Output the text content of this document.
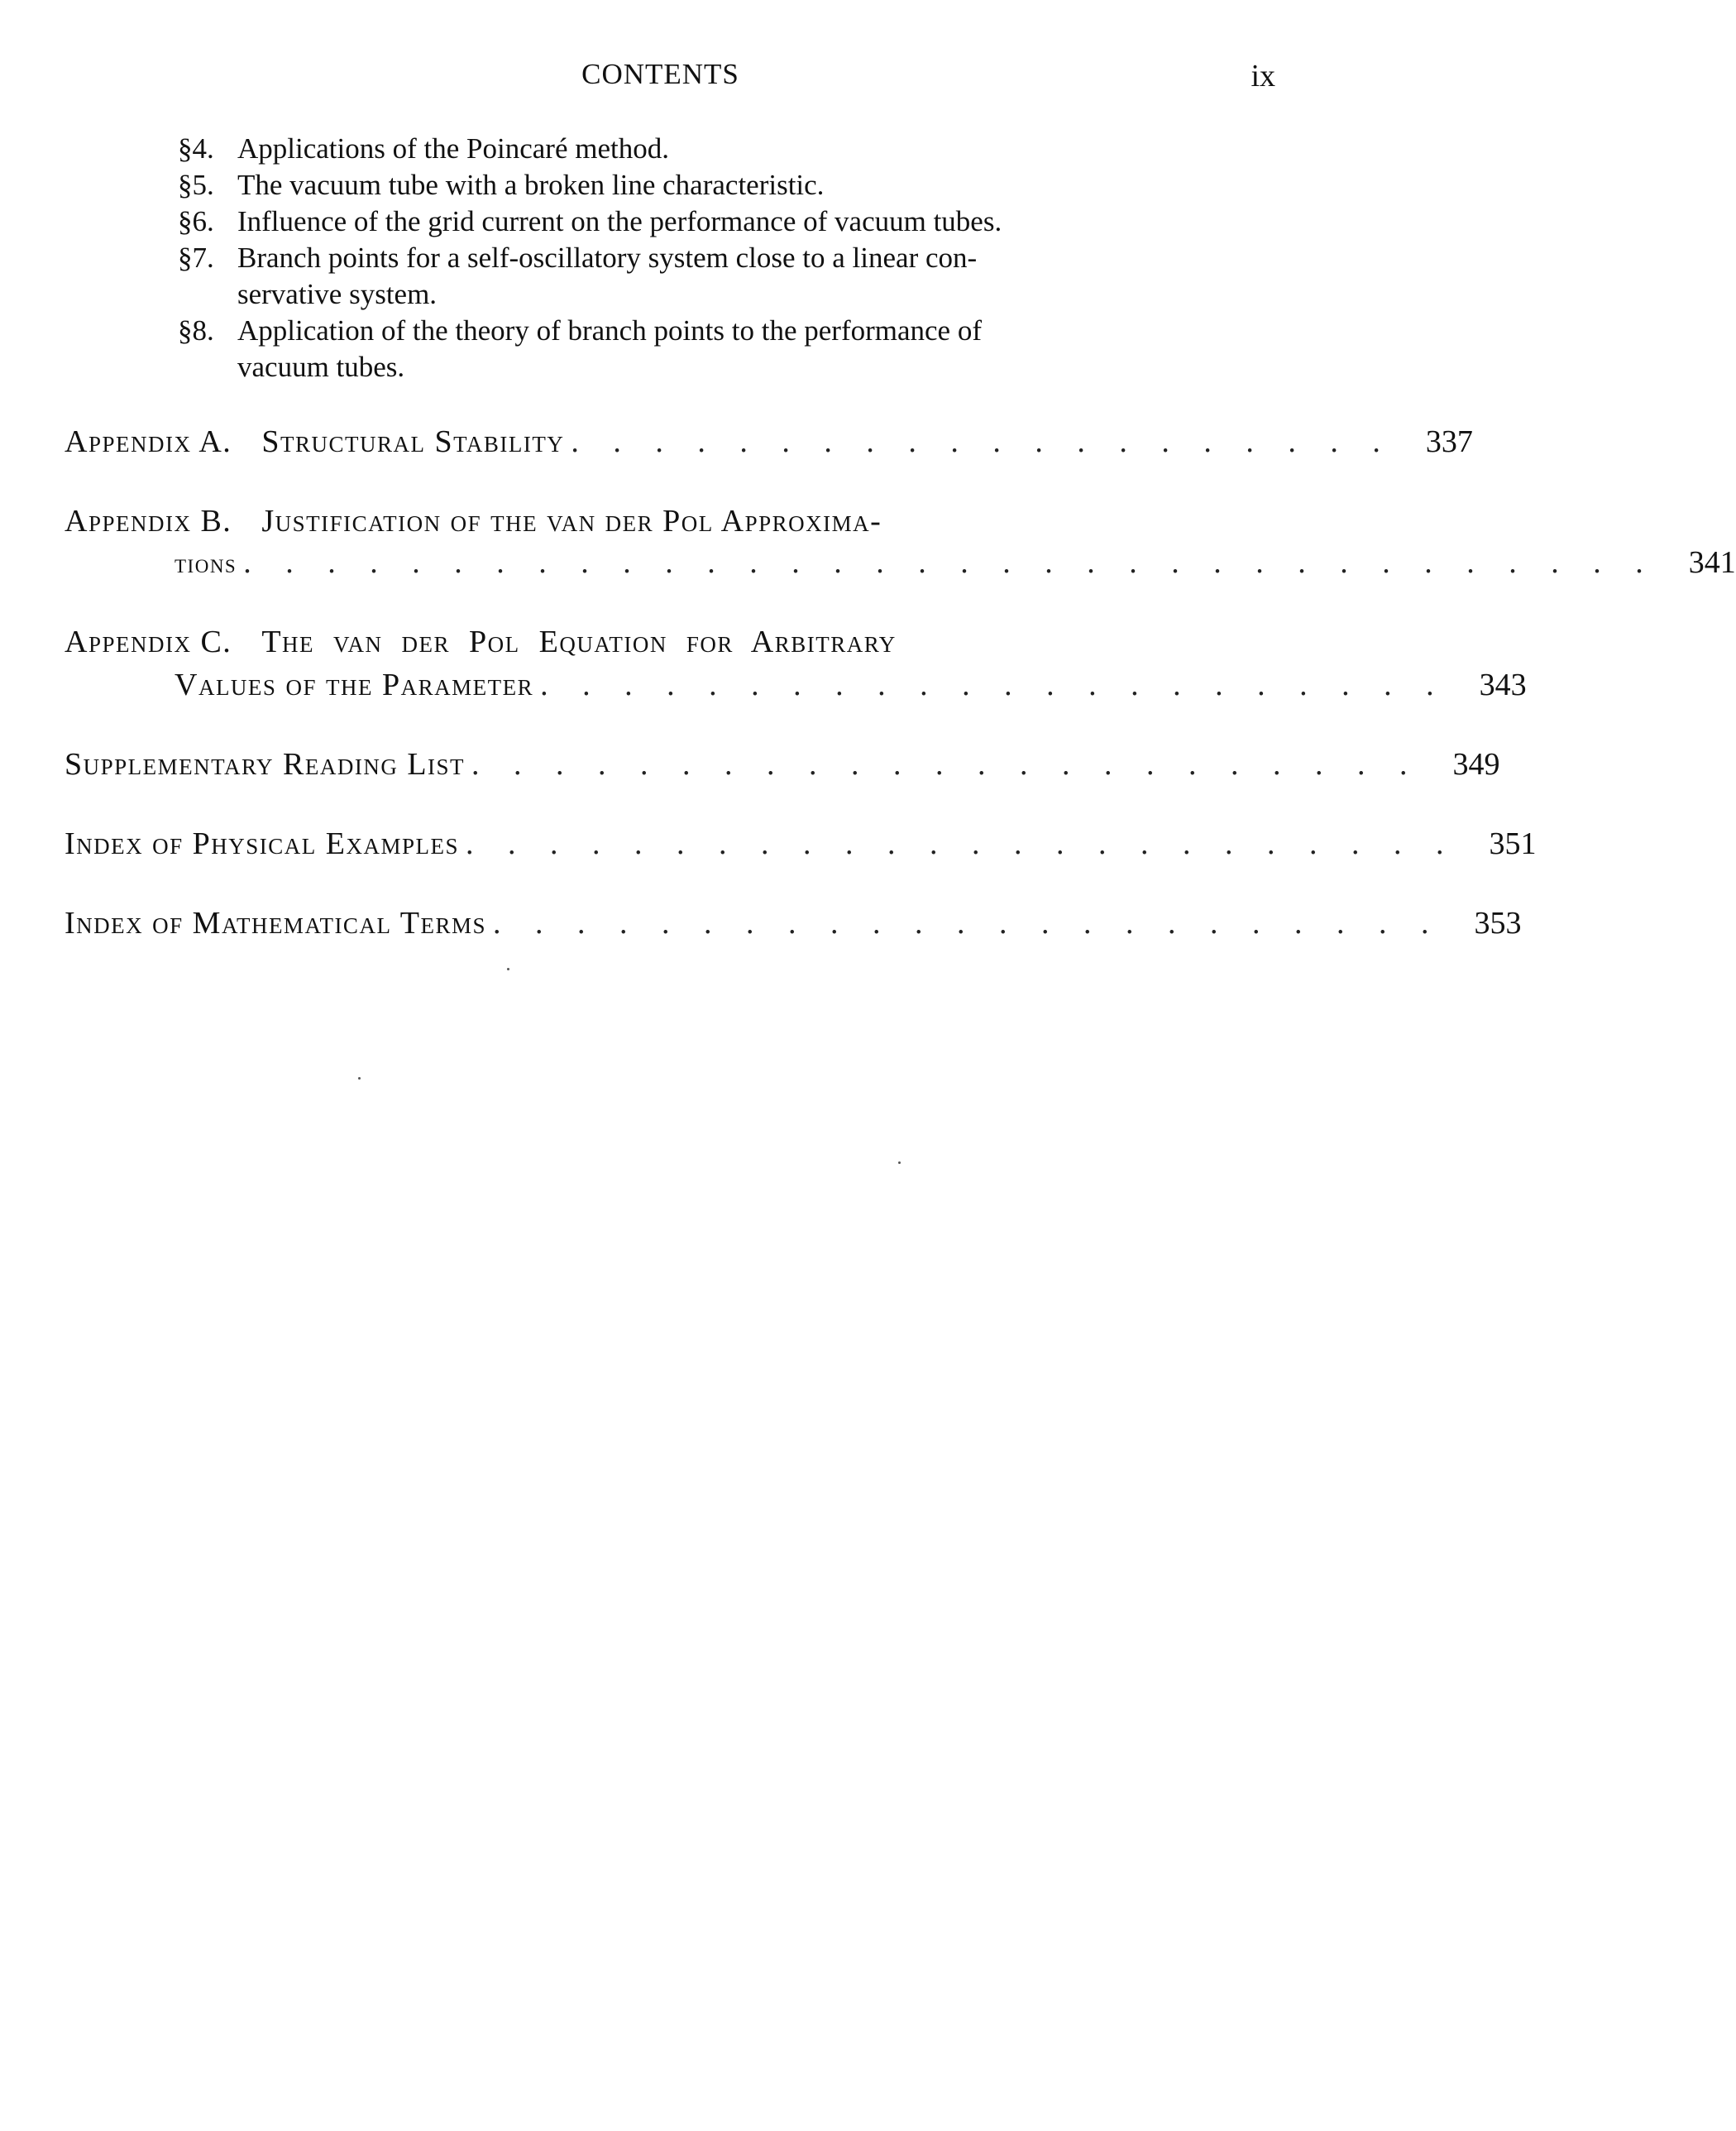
CONTENTS	ix
§4. Applications of the Poincaré method.
§5. The vacuum tube with a broken line characteristic.
§6. Influence of the grid current on the performance of vacuum tubes.
§7. Branch points for a self-oscillatory system close to a linear con-
servative system.
§8. Application of the theory of branch points to the performance of
vacuum tubes.
Appendix A. Structural Stability . . . . . . . . . . . . . . . . . . . .	337
Appendix B. Justification of the van der Pol Approxima-
tions . . . . . . . . . . . . . . . . . . . . . . . . . . . . . . . . . .	341
Appendix C. The van der Pol Equation for Arbitrary
Values of the Parameter . . . . . . . . . . . . . . . . . . . . . .	343
Supplementary Reading List . . . . . . . . . . . . . . . . . . . . . . .	349
Index of Physical Examples . . . . . . . . . . . . . . . . . . . . . . . .	351
Index of Mathematical Terms . . . . . . . . . . . . . . . . . . . . . . .	353
